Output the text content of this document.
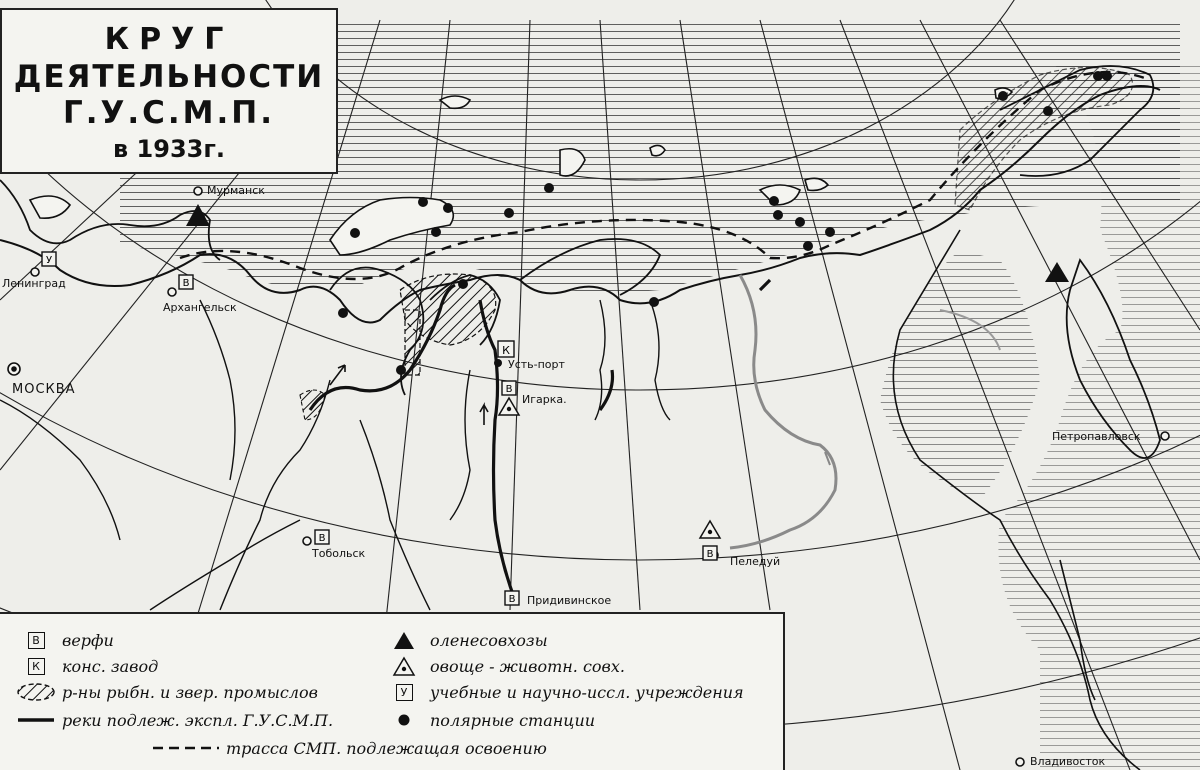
В
У
К
В
В
В
В
КРУГ
ДЕЯТЕЛЬНОСТИ
Г.У.С.М.П.
в 1933г.
Мурманск
Ленинград
Архангельск
МОСКВА
Тобольск
Усть-порт
Игарка.
Придивинское
Пеледуй
Петропавловск
Владивосток
В верфи
К конс. завод
р-ны рыбн. и звер. промыслов
реки подлеж. экспл. Г.У.С.М.П.
трасса СМП. подлежащая освоению
оленесовхозы
овоще - животн. совх.
У	учебные и научно-иссл. учреждения
полярные станции
